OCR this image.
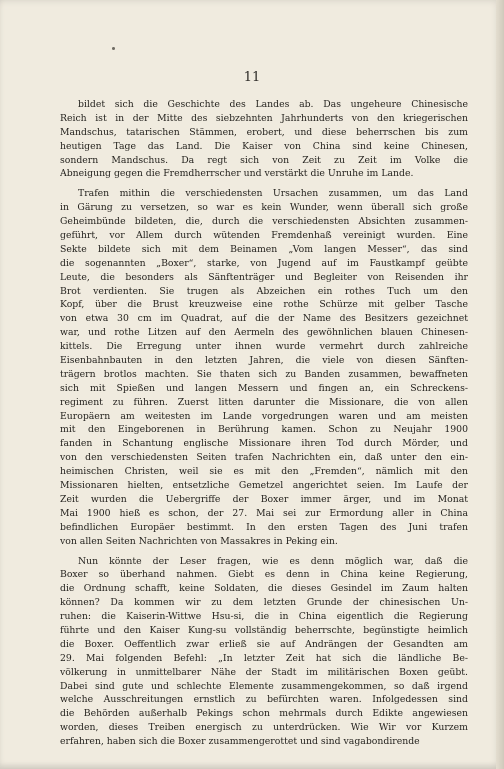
11

bildet sich die Geschichte des Landes ab. Das ungeheure Chinesische

Reich ist in der Mitte des siebzehnten Jahrhunderts von den kriegerischen

Mandschus, tatarischen Stämmen, erobert, und diese beherrschen bis zum

heutigen Tage das Land. Die Kaiser von China sind keine Chinesen,

sondern Mandschus. Da regt sich von Zeit zu Zeit im Volke die

Abneigung gegen die Fremdherrscher und verstärkt die Unruhe im Lande.

Trafen mithin die verschiedensten Ursachen zusammen, um das Land

in Gärung zu versetzen, so war es kein Wunder, wenn überall sich große

Geheimbünde bildeten, die, durch die verschiedensten Absichten zusammen-

geführt, vor Allem durch wütenden Fremdenhaß vereinigt wurden. Eine

Sekte bildete sich mit dem Beinamen „Vom langen Messer“, das sind

die sogenannten „Boxer“, starke, von Jugend auf im Faustkampf geübte

Leute, die besonders als Sänftenträger und Begleiter von Reisenden ihr

Brot verdienten. Sie trugen als Abzeichen ein rothes Tuch um den

Kopf, über die Brust kreuzweise eine rothe Schürze mit gelber Tasche

von etwa 30 cm im Quadrat, auf die der Name des Besitzers gezeichnet

war, und rothe Litzen auf den Aermeln des gewöhnlichen blauen Chinesen-

kittels. Die Erregung unter ihnen wurde vermehrt durch zahlreiche

Eisenbahnbauten in den letzten Jahren, die viele von diesen Sänften-

trägern brotlos machten. Sie thaten sich zu Banden zusammen, bewaffneten

sich mit Spießen und langen Messern und fingen an, ein Schreckens-

regiment zu führen. Zuerst litten darunter die Missionare, die von allen

Europäern am weitesten im Lande vorgedrungen waren und am meisten

mit den Eingeborenen in Berührung kamen. Schon zu Neujahr 1900

fanden in Schantung englische Missionare ihren Tod durch Mörder, und

von den verschiedensten Seiten trafen Nachrichten ein, daß unter den ein-

heimischen Christen, weil sie es mit den „Fremden“, nämlich mit den

Missionaren hielten, entsetzliche Gemetzel angerichtet seien. Im Laufe der

Zeit wurden die Uebergriffe der Boxer immer ärger, und im Monat

Mai 1900 hieß es schon, der 27. Mai sei zur Ermordung aller in China

befindlichen Europäer bestimmt. In den ersten Tagen des Juni trafen

von allen Seiten Nachrichten von Massakres in Peking ein.

Nun könnte der Leser fragen, wie es denn möglich war, daß die

Boxer so überhand nahmen. Giebt es denn in China keine Regierung,

die Ordnung schafft, keine Soldaten, die dieses Gesindel im Zaum halten

können? Da kommen wir zu dem letzten Grunde der chinesischen Un-

ruhen: die Kaiserin-Wittwe Hsu-si, die in China eigentlich die Regierung

führte und den Kaiser Kung-su vollständig beherrschte, begünstigte heimlich

die Boxer. Oeffentlich zwar erließ sie auf Andrängen der Gesandten am

29. Mai folgenden Befehl: „In letzter Zeit hat sich die ländliche Be-

völkerung in unmittelbarer Nähe der Stadt im militärischen Boxen geübt.

Dabei sind gute und schlechte Elemente zusammengekommen, so daß irgend

welche Ausschreitungen ernstlich zu befürchten waren. Infolgedessen sind

die Behörden außerhalb Pekings schon mehrmals durch Edikte angewiesen

worden, dieses Treiben energisch zu unterdrücken. Wie Wir vor Kurzem

erfahren, haben sich die Boxer zusammengerottet und sind vagabondirende
